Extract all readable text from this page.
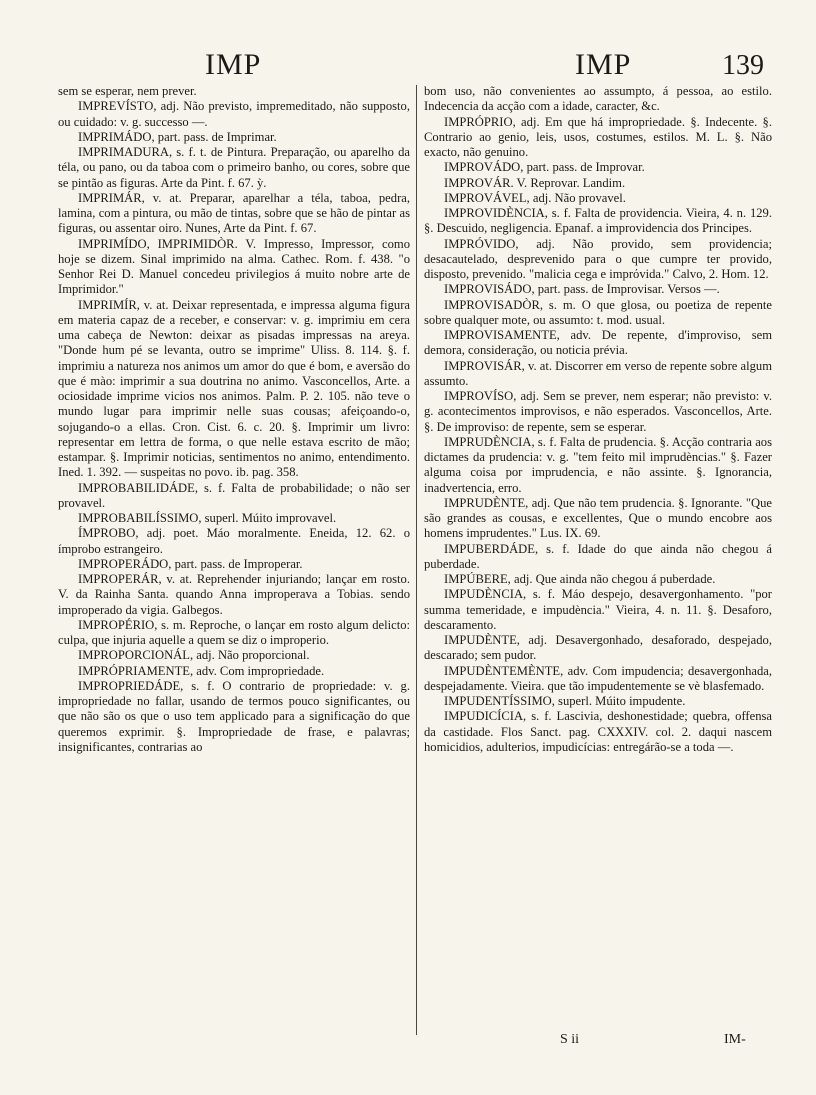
IMP	IMP	139

sem se esperar, nem prever.

IMPREVÍSTO, adj. Não previsto, impremeditado, não supposto, ou cuidado: v. g. successo —.

IMPRIMÁDO, part. pass. de Imprimar.

IMPRIMADURA, s. f. t. de Pintura. Preparação, ou aparelho da téla, ou pano, ou da taboa com o primeiro banho, ou cores, sobre que se pintão as figuras. Arte da Pint. f. 67. ỳ.

IMPRIMÁR, v. at. Preparar, aparelhar a téla, taboa, pedra, lamina, com a pintura, ou mão de tintas, sobre que se hão de pintar as figuras, ou assentar oiro. Nunes, Arte da Pint. f. 67.

IMPRIMÍDO, IMPRIMIDÒR. V. Impresso, Impressor, como hoje se dizem. Sinal imprimido na alma. Cathec. Rom. f. 438. "o Senhor Rei D. Manuel concedeu privilegios á muito nobre arte de Imprimidor."

IMPRIMÍR, v. at. Deixar representada, e impressa alguma figura em materia capaz de a receber, e conservar: v. g. imprimiu em cera uma cabeça de Newton: deixar as pisadas impressas na areya. "Donde hum pé se levanta, outro se imprime" Uliss. 8. 114. §. f. imprimiu a natureza nos animos um amor do que é bom, e aversão do que é mào: imprimir a sua doutrina no animo. Vasconcellos, Arte. a ociosidade imprime vicios nos animos. Palm. P. 2. 105. não teve o mundo lugar para imprimir nelle suas cousas; afeiçoando-o, sojugando-o a ellas. Cron. Cist. 6. c. 20. §. Imprimir um livro: representar em lettra de forma, o que nelle estava escrito de mão; estampar. §. Imprimir noticias, sentimentos no animo, entendimento. Ined. 1. 392. — suspeitas no povo. ib. pag. 358.

IMPROBABILIDÁDE, s. f. Falta de probabilidade; o não ser provavel.

IMPROBABILÍSSIMO, superl. Múito improvavel.

ÍMPROBO, adj. poet. Máo moralmente. Eneida, 12. 62. o ímprobo estrangeiro.

IMPROPERÁDO, part. pass. de Improperar.

IMPROPERÁR, v. at. Reprehender injuriando; lançar em rosto. V. da Rainha Santa. quando Anna improperava a Tobias. sendo improperado da vigia. Galbegos.

IMPROPÉRIO, s. m. Reproche, o lançar em rosto algum delicto: culpa, que injuria aquelle a quem se diz o improperio.

IMPROPORCIONÁL, adj. Não proporcional.

IMPRÓPRIAMENTE, adv. Com impropriedade.

IMPROPRIEDÁDE, s. f. O contrario de propriedade: v. g. impropriedade no fallar, usando de termos pouco significantes, ou que não são os que o uso tem applicado para a significação do que queremos exprimir. §. Impropriedade de frase, e palavras; insignificantes, contrarias ao

bom uso, não convenientes ao assumpto, á pessoa, ao estilo. Indecencia da acção com a idade, caracter, &c.

IMPRÓPRIO, adj. Em que há impropriedade. §. Indecente. §. Contrario ao genio, leis, usos, costumes, estilos. M. L. §. Não exacto, não genuino.

IMPROVÁDO, part. pass. de Improvar.

IMPROVÁR. V. Reprovar. Landim.

IMPROVÁVEL, adj. Não provavel.

IMPROVIDÈNCIA, s. f. Falta de providencia. Vieira, 4. n. 129. §. Descuido, negligencia. Epanaf. a improvidencia dos Principes.

IMPRÓVIDO, adj. Não provido, sem providencia; desacautelado, desprevenido para o que cumpre ter provido, disposto, prevenido. "malicia cega e imprόvida." Calvo, 2. Hom. 12.

IMPROVISÁDO, part. pass. de Improvisar. Versos —.

IMPROVISADÒR, s. m. O que glosa, ou poetiza de repente sobre qualquer mote, ou assumto: t. mod. usual.

IMPROVISAMENTE, adv. De repente, d'improviso, sem demora, consideração, ou noticia prévia.

IMPROVISÁR, v. at. Discorrer em verso de repente sobre algum assumto.

IMPROVÍSO, adj. Sem se prever, nem esperar; não previsto: v. g. acontecimentos improvisos, e não esperados. Vasconcellos, Arte. §. De improviso: de repente, sem se esperar.

IMPRUDÈNCIA, s. f. Falta de prudencia. §. Acção contraria aos dictames da prudencia: v. g. "tem feito mil imprudèncias." §. Fazer alguma coisa por imprudencia, e não assinte. §. Ignorancia, inadvertencia, erro.

IMPRUDÈNTE, adj. Que não tem prudencia. §. Ignorante. "Que são grandes as cousas, e excellentes, Que o mundo encobre aos homens imprudentes." Lus. IX. 69.

IMPUBERDÁDE, s. f. Idade do que ainda não chegou á puberdade.

IMPÚBERE, adj. Que ainda não chegou á puberdade.

IMPUDÈNCIA, s. f. Máo despejo, desavergonhamento. "por summa temeridade, e impudència." Vieira, 4. n. 11. §. Desaforo, descaramento.

IMPUDÈNTE, adj. Desavergonhado, desaforado, despejado, descarado; sem pudor.

IMPUDÈNTEMÈNTE, adv. Com impudencia; desavergonhada, despejadamente. Vieira. que tão impudentemente se vè blasfemado.

IMPUDENTÍSSIMO, superl. Múito impudente.

IMPUDICÍCIA, s. f. Lascivia, deshonestidade; quebra, offensa da castidade. Flos Sanct. pag. CXXXIV. col. 2. daqui nascem homicidios, adulterios, impudicícias: entregárão-se a toda —.

S ii	IM-
